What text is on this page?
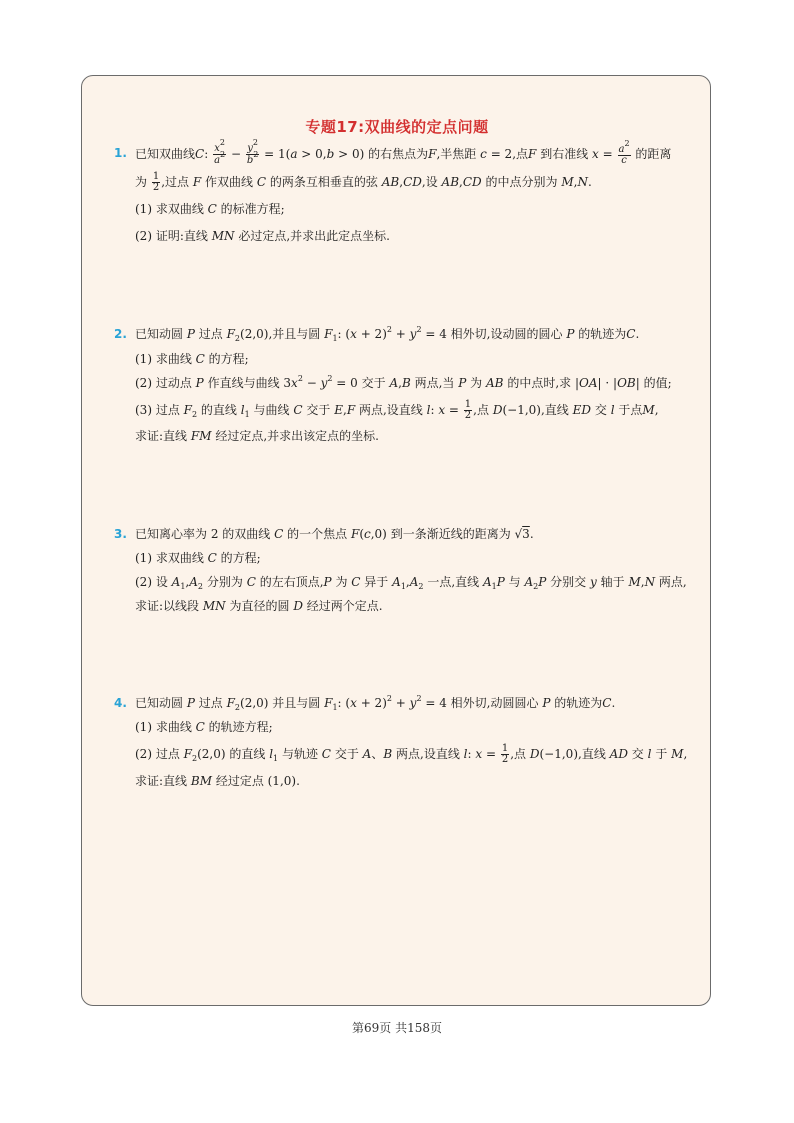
专题17:双曲线的定点问题
1. 已知双曲线C: $\frac{x^2}{a^2} - \frac{y^2}{b^2} = 1(a > 0,b > 0)$ 的右焦点为F,半焦距 c = 2,点F 到右准线 $x = \frac{a^2}{c}$ 的距离
为 $\frac{1}{2}$ ,过点 F 作双曲线 C 的两条互相垂直的弦 AB,CD,设 AB,CD 的中点分别为 M,N.
(1) 求双曲线 C 的标准方程;
(2) 证明:直线 MN 必过定点,并求出此定点坐标.
2. 已知动圆 P 过点 $F_2(2,0)$,并且与圆 $F_1$: $(x + 2)^2 + y^2 = 4$ 相外切,设动圆的圆心 P 的轨迹为C.
(1) 求曲线 C 的方程;
(2) 过动点 P 作直线与曲线 $3x^2 - y^2 = 0$ 交于 A,B 两点,当 P 为 AB 的中点时,求 |OA| · |OB| 的值;
(3) 过点 $F_2$ 的直线 $l_1$ 与曲线 C 交于 E,F 两点,设直线 l: $x = \frac{1}{2}$ ,点 D(−1,0),直线 ED 交 l 于点M,
求证:直线 FM 经过定点,并求出该定点的坐标.
3. 已知离心率为 2 的双曲线 C 的一个焦点 F(c,0) 到一条渐近线的距离为 √3.
(1) 求双曲线 C 的方程;
(2) 设 $A_1,A_2$ 分别为 C 的左右顶点,P 为 C 异于 $A_1,A_2$ 一点,直线 $A_1P$ 与 $A_2P$ 分别交 y 轴于 M,N 两点,
求证:以线段 MN 为直径的圆 D 经过两个定点.
4. 已知动圆 P 过点 $F_2(2,0)$ 并且与圆 $F_1$: $(x + 2)^2 + y^2 = 4$ 相外切,动圆圆心 P 的轨迹为C.
(1) 求曲线 C 的轨迹方程;
(2) 过点 $F_2(2,0)$ 的直线 $l_1$ 与轨迹 C 交于 A、B 两点,设直线 l: $x = \frac{1}{2}$ ,点 D(−1,0),直线 AD 交 l 于 M,
求证:直线 BM 经过定点 (1,0).
第69页 共158页
